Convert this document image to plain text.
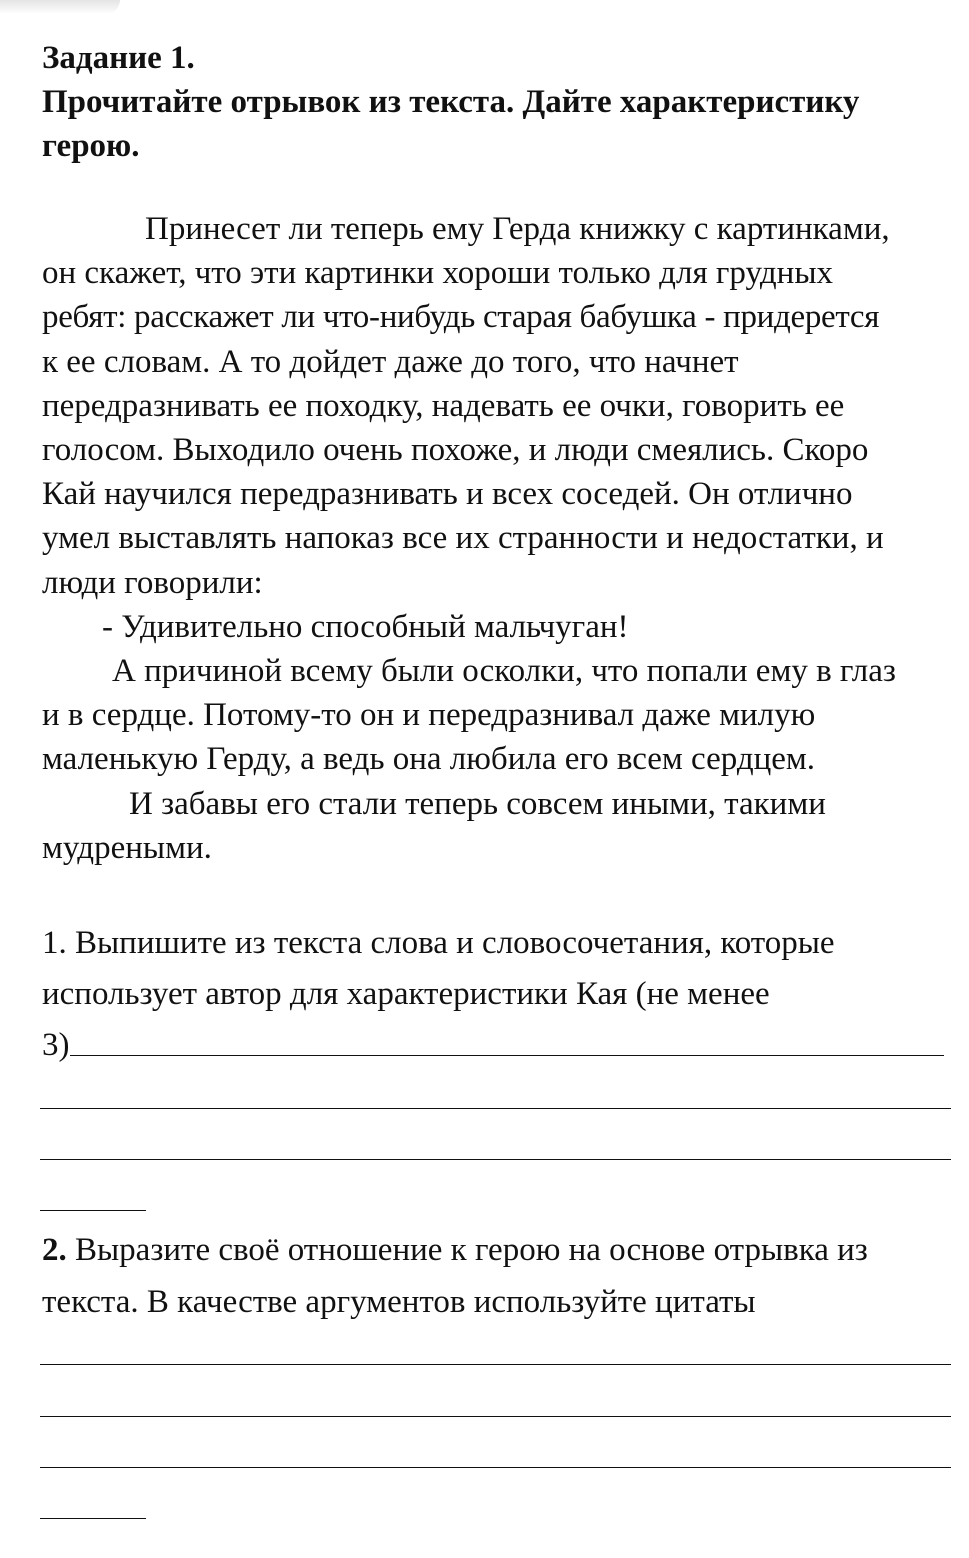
Задание 1.
Прочитайте отрывок из текста. Дайте характеристику
герою.
Принесет ли теперь ему Герда книжку с картинками,
он скажет, что эти картинки хороши только для грудных
ребят: расскажет ли что-нибудь старая бабушка - придерется
к ее словам. А то дойдет даже до того, что начнет
передразнивать ее походку, надевать ее очки, говорить ее
голосом. Выходило очень похоже, и люди смеялись. Скоро
Кай научился передразнивать и всех соседей. Он отлично
умел выставлять напоказ все их странности и недостатки, и
люди говорили:
- Удивительно способный мальчуган!
А причиной всему были осколки, что попали ему в глаз
и в сердце. Потому-то он и передразнивал даже милую
маленькую Герду, а ведь она любила его всем сердцем.
И забавы его стали теперь совсем иными, такими
мудреными.
1. Выпишите из текста слова и словосочетания, которые
использует автор для характеристики Кая (не менее
3)
2. Выразите своё отношение к герою на основе отрывка из
текста. В качестве аргументов используйте цитаты
